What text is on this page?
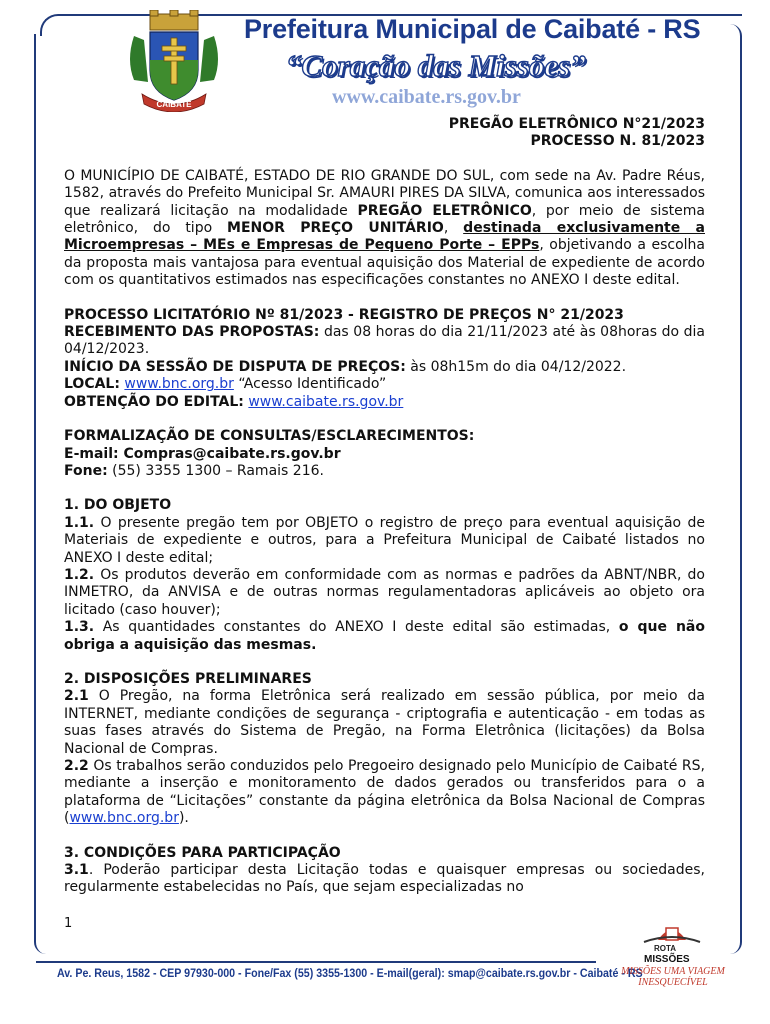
CAIBATÉ
Prefeitura Municipal de Caibaté - RS
“Coração das Missões”
www.caibate.rs.gov.br

PREGÃO ELETRÔNICO N°21/2023

PROCESSO N. 81/2023

O MUNICÍPIO DE CAIBATÉ, ESTADO DE RIO GRANDE DO SUL, com sede na Av. Padre Réus, 1582, através do Prefeito Municipal Sr. AMAURI PIRES DA SILVA, comunica aos interessados que realizará licitação na modalidade PREGÃO ELETRÔNICO, por meio de sistema eletrônico, do tipo MENOR PREÇO UNITÁRIO, destinada exclusivamente a Microempresas – MEs e Empresas de Pequeno Porte – EPPs, objetivando a escolha da proposta mais vantajosa para eventual aquisição dos Material de expediente de acordo com os quantitativos estimados nas especificações constantes no ANEXO I deste edital.

PROCESSO LICITATÓRIO Nº 81/2023 - REGISTRO DE PREÇOS N° 21/2023

RECEBIMENTO DAS PROPOSTAS: das 08 horas do dia 21/11/2023 até às 08horas do dia 04/12/2023.

INÍCIO DA SESSÃO DE DISPUTA DE PREÇOS: às 08h15m do dia 04/12/2022.

LOCAL: www.bnc.org.br “Acesso Identificado”

OBTENÇÃO DO EDITAL: www.caibate.rs.gov.br

FORMALIZAÇÃO DE CONSULTAS/ESCLARECIMENTOS:

E-mail: Compras@caibate.rs.gov.br

Fone: (55) 3355 1300 – Ramais 216.

1. DO OBJETO

1.1. O presente pregão tem por OBJETO o registro de preço para eventual aquisição de Materiais de expediente e outros, para a Prefeitura Municipal de Caibaté listados no ANEXO I deste edital;

1.2. Os produtos deverão em conformidade com as normas e padrões da ABNT/NBR, do INMETRO, da ANVISA e de outras normas regulamentadoras aplicáveis ao objeto ora licitado (caso houver);

1.3. As quantidades constantes do ANEXO I deste edital são estimadas, o que não obriga a aquisição das mesmas.

2. DISPOSIÇÕES PRELIMINARES

2.1 O Pregão, na forma Eletrônica será realizado em sessão pública, por meio da INTERNET, mediante condições de segurança - criptografia e autenticação - em todas as suas fases através do Sistema de Pregão, na Forma Eletrônica (licitações) da Bolsa Nacional de Compras.

2.2 Os trabalhos serão conduzidos pelo Pregoeiro designado pelo Município de Caibaté RS, mediante a inserção e monitoramento de dados gerados ou transferidos para o a plataforma de “Licitações” constante da página eletrônica da Bolsa Nacional de Compras (www.bnc.org.br).

3. CONDIÇÕES PARA PARTICIPAÇÃO

3.1. Poderão participar desta Licitação todas e quaisquer empresas ou sociedades, regularmente estabelecidas no País, que sejam especializadas no

1
ROTA
MISSÕES
Av. Pe. Reus, 1582 - CEP 97930-000 - Fone/Fax (55) 3355-1300 - E-mail(geral): smap@caibate.rs.gov.br - Caibaté - RS
MISSÕES UMA VIAGEM
INESQUECÍVEL
